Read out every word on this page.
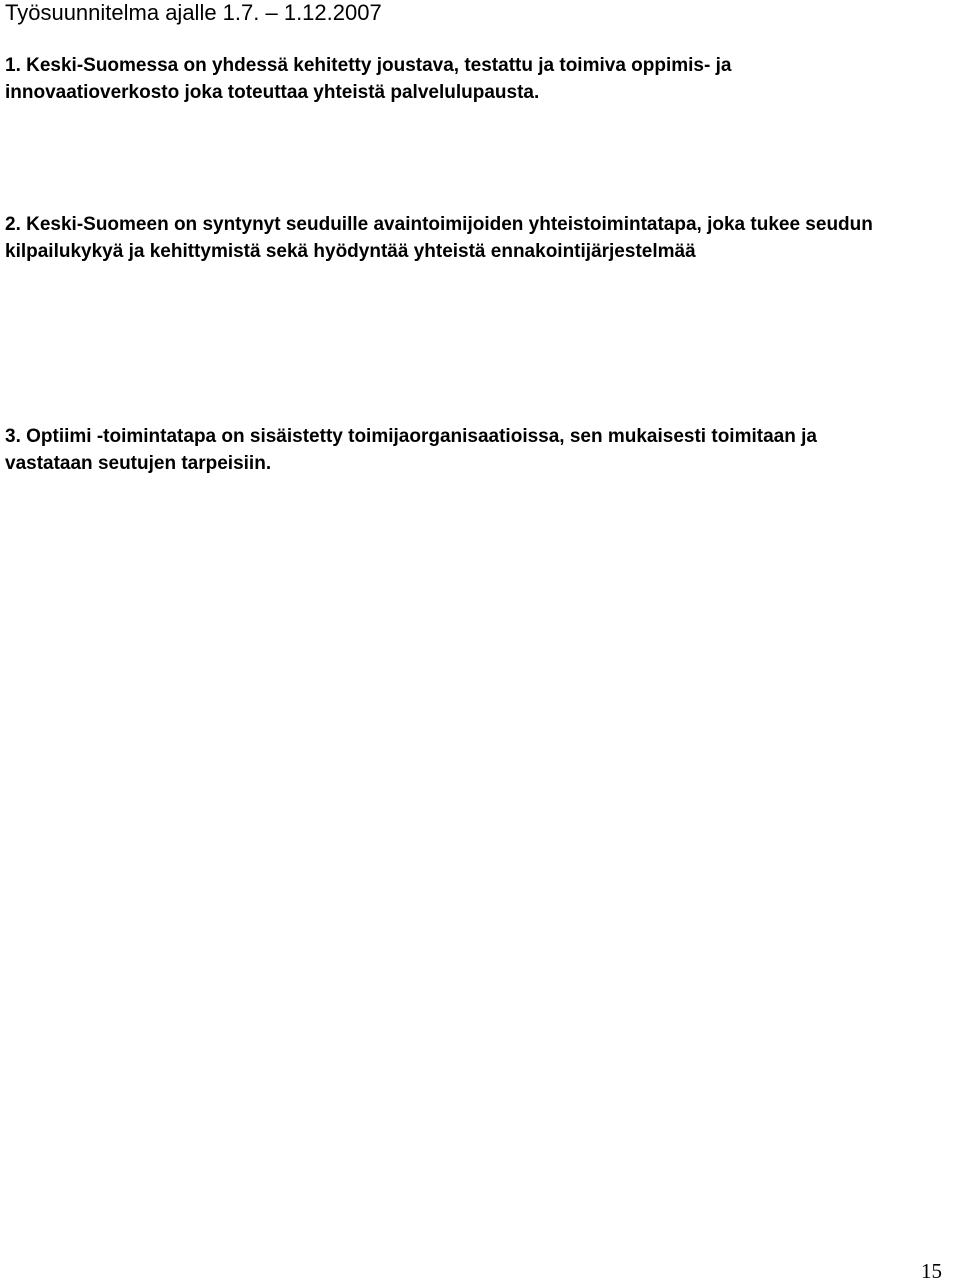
Työsuunnitelma ajalle 1.7. – 1.12.2007

1. Keski-Suomessa on yhdessä kehitetty joustava, testattu ja toimiva oppimis- ja innovaatioverkosto joka toteuttaa yhteistä palvelulupausta.

2. Keski-Suomeen on syntynyt seuduille avaintoimijoiden yhteistoimintatapa, joka tukee seudun kilpailukykyä ja kehittymistä sekä hyödyntää yhteistä ennakointijärjestelmää

3. Optiimi -toimintatapa on sisäistetty toimijaorganisaatioissa, sen mukaisesti toimitaan ja vastataan seutujen tarpeisiin.

15
